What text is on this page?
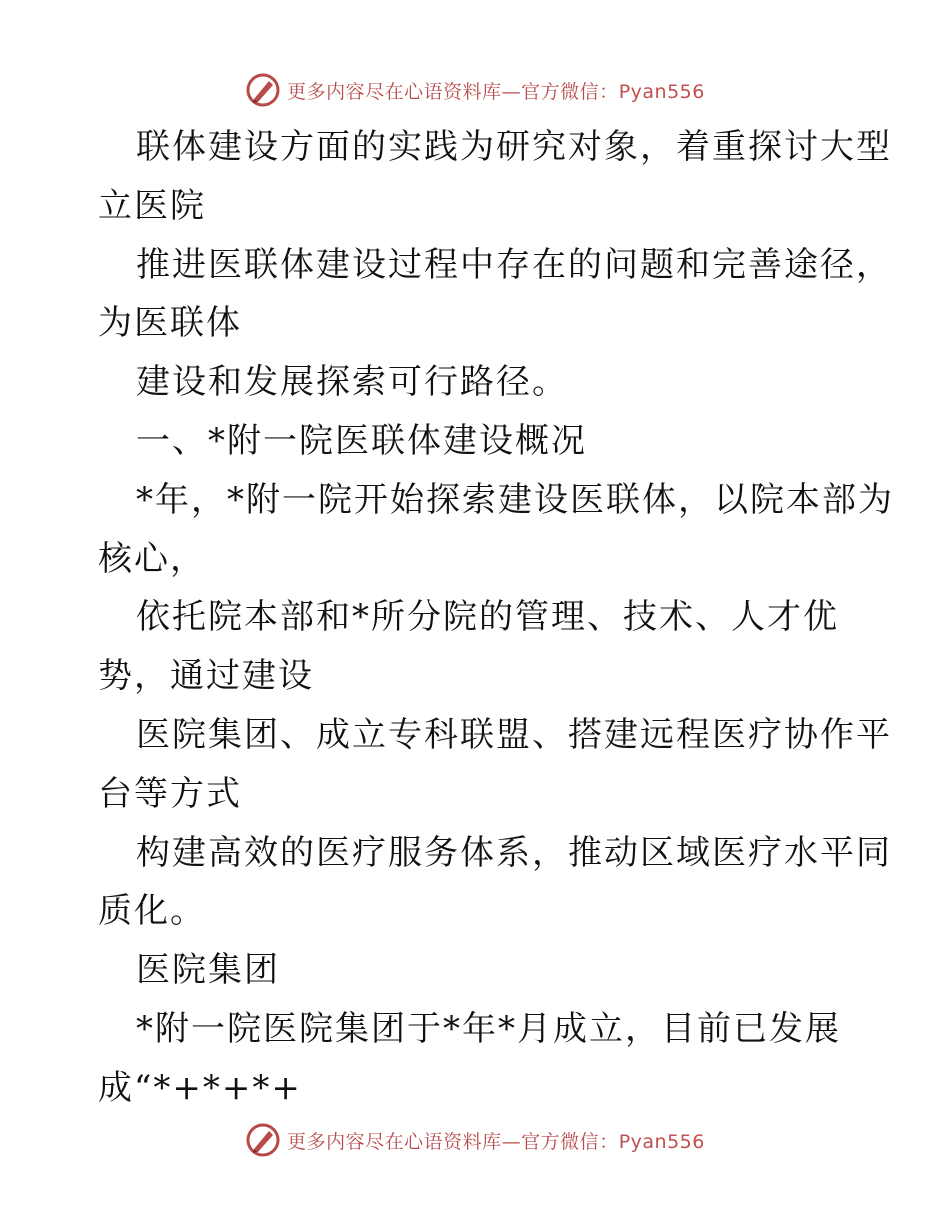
更多内容尽在心语资料库—官方微信：Pyan556
联体建设方面的实践为研究对象，着重探讨大型
立医院
推进医联体建设过程中存在的问题和完善途径，
为医联体
建设和发展探索可行路径。
一、*附一院医联体建设概况
*年，*附一院开始探索建设医联体，以院本部为
核心，
依托院本部和*所分院的管理、技术、人才优
势，通过建设
医院集团、成立专科联盟、搭建远程医疗协作平
台等方式
构建高效的医疗服务体系，推动区域医疗水平同
质化。
医院集团
*附一院医院集团于*年*月成立，目前已发展
成“*+*+*+
更多内容尽在心语资料库—官方微信：Pyan556
